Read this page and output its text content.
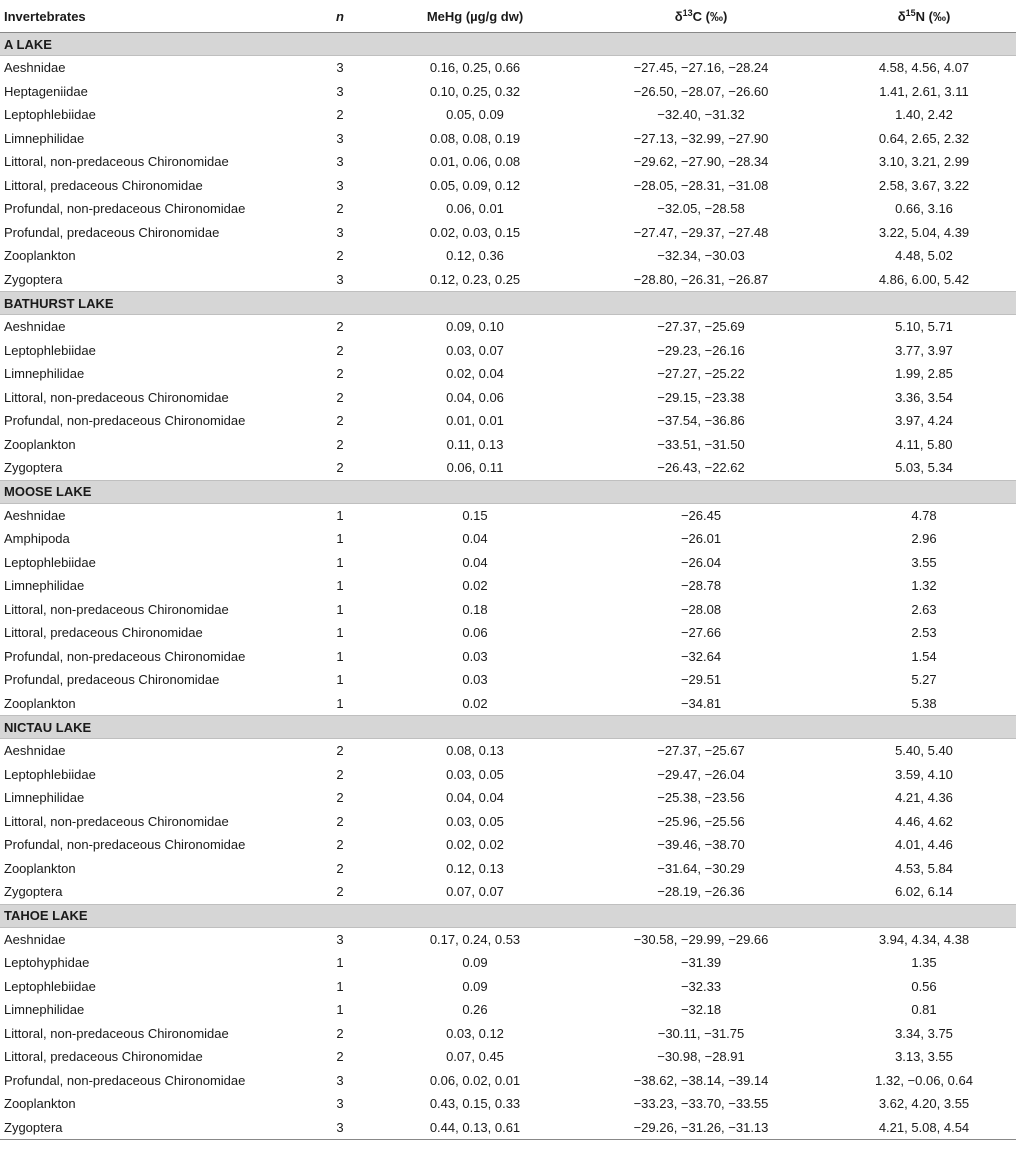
Invertebrates	n	MeHg (µg/g dw)	$\delta^{13}C$ (‰)	$\delta^{15}N$ (‰)
A LAKE				
Aeshnidae	3	0.16, 0.25, 0.66	−27.45, −27.16, −28.24	4.58, 4.56, 4.07
Heptageniidae	3	0.10, 0.25, 0.32	−26.50, −28.07, −26.60	1.41, 2.61, 3.11
Leptophlebiidae	2	0.05, 0.09	−32.40, −31.32	1.40, 2.42
Limnephilidae	3	0.08, 0.08, 0.19	−27.13, −32.99, −27.90	0.64, 2.65, 2.32
Littoral, non-predaceous Chironomidae	3	0.01, 0.06, 0.08	−29.62, −27.90, −28.34	3.10, 3.21, 2.99
Littoral, predaceous Chironomidae	3	0.05, 0.09, 0.12	−28.05, −28.31, −31.08	2.58, 3.67, 3.22
Profundal, non-predaceous Chironomidae	2	0.06, 0.01	−32.05, −28.58	0.66, 3.16
Profundal, predaceous Chironomidae	3	0.02, 0.03, 0.15	−27.47, −29.37, −27.48	3.22, 5.04, 4.39
Zooplankton	2	0.12, 0.36	−32.34, −30.03	4.48, 5.02
Zygoptera	3	0.12, 0.23, 0.25	−28.80, −26.31, −26.87	4.86, 6.00, 5.42
BATHURST LAKE				
Aeshnidae	2	0.09, 0.10	−27.37, −25.69	5.10, 5.71
Leptophlebiidae	2	0.03, 0.07	−29.23, −26.16	3.77, 3.97
Limnephilidae	2	0.02, 0.04	−27.27, −25.22	1.99, 2.85
Littoral, non-predaceous Chironomidae	2	0.04, 0.06	−29.15, −23.38	3.36, 3.54
Profundal, non-predaceous Chironomidae	2	0.01, 0.01	−37.54, −36.86	3.97, 4.24
Zooplankton	2	0.11, 0.13	−33.51, −31.50	4.11, 5.80
Zygoptera	2	0.06, 0.11	−26.43, −22.62	5.03, 5.34
MOOSE LAKE				
Aeshnidae	1	0.15	−26.45	4.78
Amphipoda	1	0.04	−26.01	2.96
Leptophlebiidae	1	0.04	−26.04	3.55
Limnephilidae	1	0.02	−28.78	1.32
Littoral, non-predaceous Chironomidae	1	0.18	−28.08	2.63
Littoral, predaceous Chironomidae	1	0.06	−27.66	2.53
Profundal, non-predaceous Chironomidae	1	0.03	−32.64	1.54
Profundal, predaceous Chironomidae	1	0.03	−29.51	5.27
Zooplankton	1	0.02	−34.81	5.38
NICTAU LAKE				
Aeshnidae	2	0.08, 0.13	−27.37, −25.67	5.40, 5.40
Leptophlebiidae	2	0.03, 0.05	−29.47, −26.04	3.59, 4.10
Limnephilidae	2	0.04, 0.04	−25.38, −23.56	4.21, 4.36
Littoral, non-predaceous Chironomidae	2	0.03, 0.05	−25.96, −25.56	4.46, 4.62
Profundal, non-predaceous Chironomidae	2	0.02, 0.02	−39.46, −38.70	4.01, 4.46
Zooplankton	2	0.12, 0.13	−31.64, −30.29	4.53, 5.84
Zygoptera	2	0.07, 0.07	−28.19, −26.36	6.02, 6.14
TAHOE LAKE				
Aeshnidae	3	0.17, 0.24, 0.53	−30.58, −29.99, −29.66	3.94, 4.34, 4.38
Leptohyphidae	1	0.09	−31.39	1.35
Leptophlebiidae	1	0.09	−32.33	0.56
Limnephilidae	1	0.26	−32.18	0.81
Littoral, non-predaceous Chironomidae	2	0.03, 0.12	−30.11, −31.75	3.34, 3.75
Littoral, predaceous Chironomidae	2	0.07, 0.45	−30.98, −28.91	3.13, 3.55
Profundal, non-predaceous Chironomidae	3	0.06, 0.02, 0.01	−38.62, −38.14, −39.14	1.32, −0.06, 0.64
Zooplankton	3	0.43, 0.15, 0.33	−33.23, −33.70, −33.55	3.62, 4.20, 3.55
Zygoptera	3	0.44, 0.13, 0.61	−29.26, −31.26, −31.13	4.21, 5.08, 4.54
